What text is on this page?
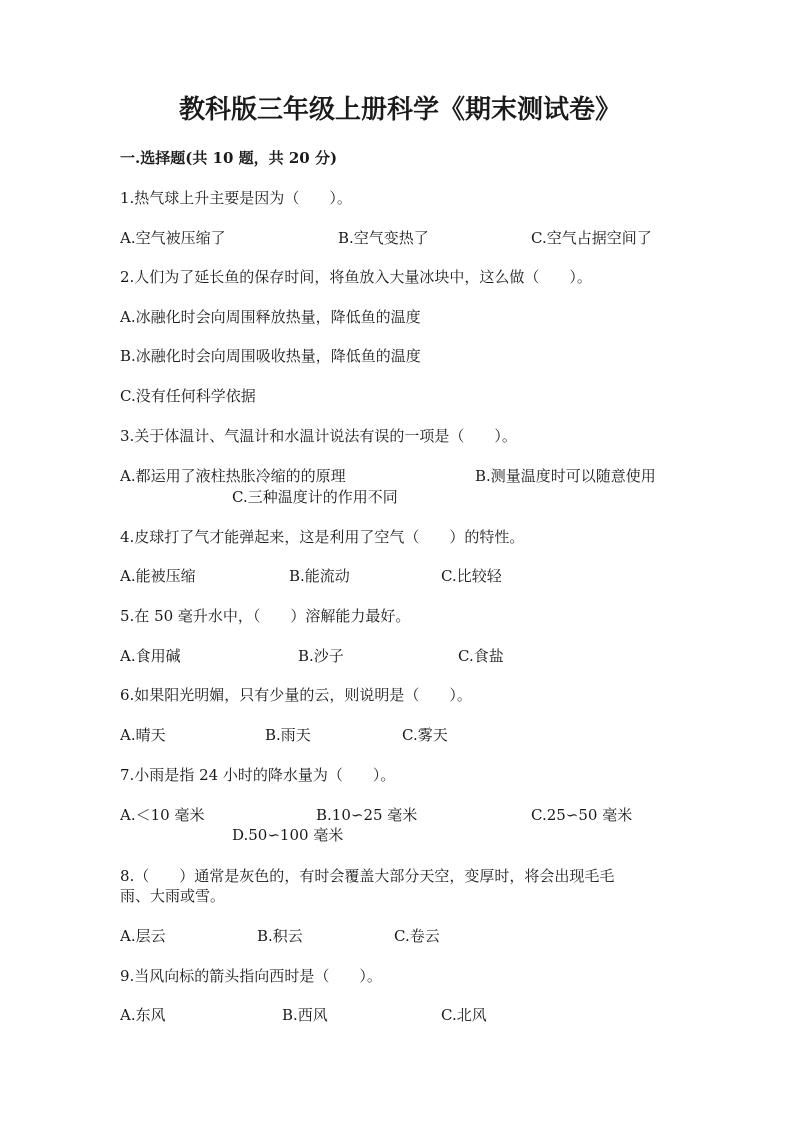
教科版三年级上册科学《期末测试卷》
一.选择题(共 10 题，共 20 分)
1.热气球上升主要是因为（　　）。
A.空气被压缩了	B.空气变热了	C.空气占据空间了
2.人们为了延长鱼的保存时间，将鱼放入大量冰块中，这么做（　　）。
A.冰融化时会向周围释放热量，降低鱼的温度
B.冰融化时会向周围吸收热量，降低鱼的温度
C.没有任何科学依据
3.关于体温计、气温计和水温计说法有误的一项是（　　）。
A.都运用了液柱热胀冷缩的的原理	B.测量温度时可以随意使用
C.三种温度计的作用不同
4.皮球打了气才能弹起来，这是利用了空气（　　）的特性。
A.能被压缩	B.能流动	C.比较轻
5.在 50 毫升水中，（　　）溶解能力最好。
A.食用碱	B.沙子	C.食盐
6.如果阳光明媚，只有少量的云，则说明是（　　）。
A.晴天	B.雨天	C.雾天
7.小雨是指 24 小时的降水量为（　　）。
A.＜10 毫米	B.10∽25 毫米	C.25∽50 毫米
D.50∽100 毫米
8.（　　）通常是灰色的，有时会覆盖大部分天空，变厚时，将会出现毛毛
雨、大雨或雪。
A.层云	B.积云	C.卷云
9.当风向标的箭头指向西时是（　　）。
A.东风	B.西风	C.北风
